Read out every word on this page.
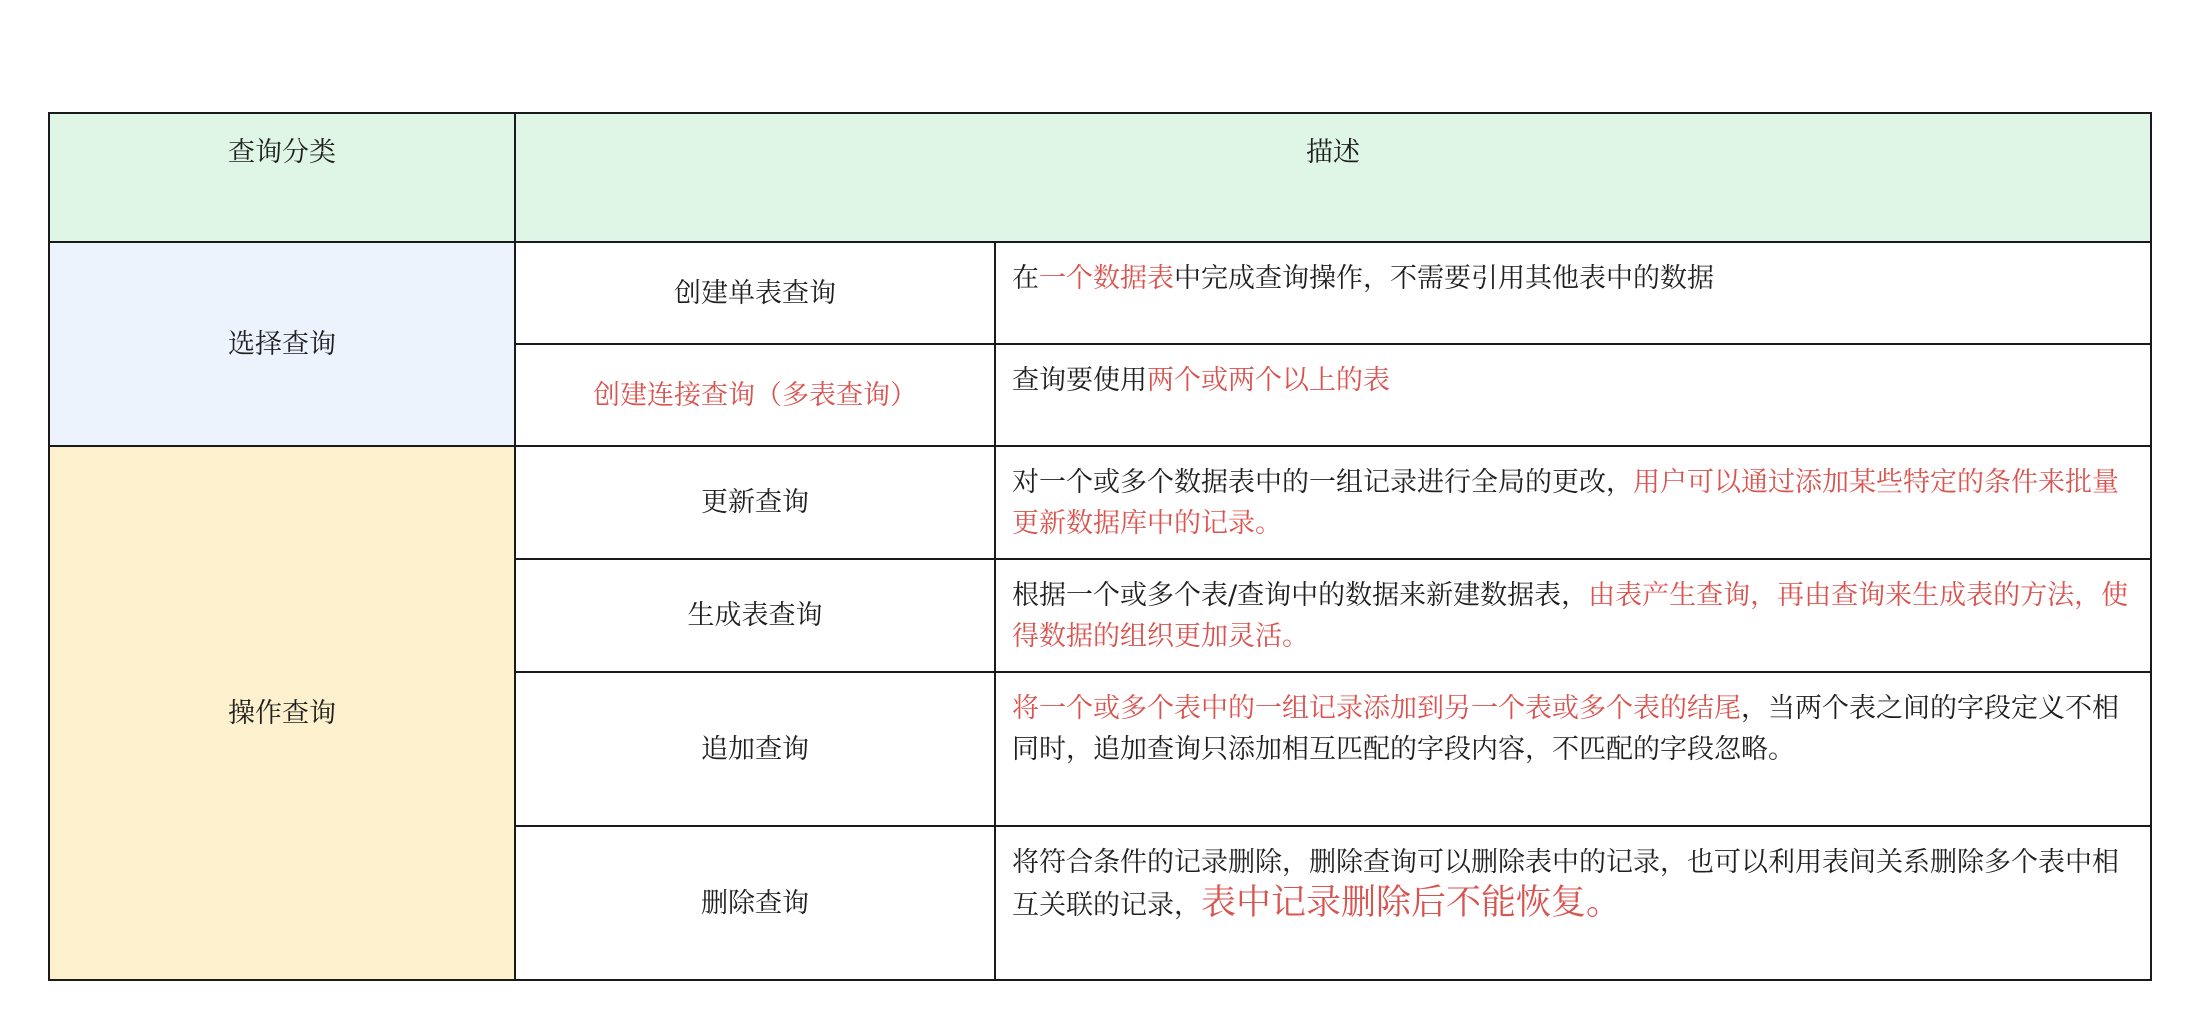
查询分类	描述	
选择查询	创建单表查询	在一个数据表中完成查询操作，不需要引用其他表中的数据
	创建连接查询（多表查询）	查询要使用两个或两个以上的表
操作查询	更新查询	对一个或多个数据表中的一组记录进行全局的更改，用户可以通过添加某些特定的条件来批量更新数据库中的记录。
	生成表查询	根据一个或多个表/查询中的数据来新建数据表，由表产生查询，再由查询来生成表的方法，使得数据的组织更加灵活。
	追加查询	将一个或多个表中的一组记录添加到另一个表或多个表的结尾，当两个表之间的字段定义不相同时，追加查询只添加相互匹配的字段内容，不匹配的字段忽略。
	删除查询	将符合条件的记录删除，删除查询可以删除表中的记录，也可以利用表间关系删除多个表中相互关联的记录，表中记录删除后不能恢复。
